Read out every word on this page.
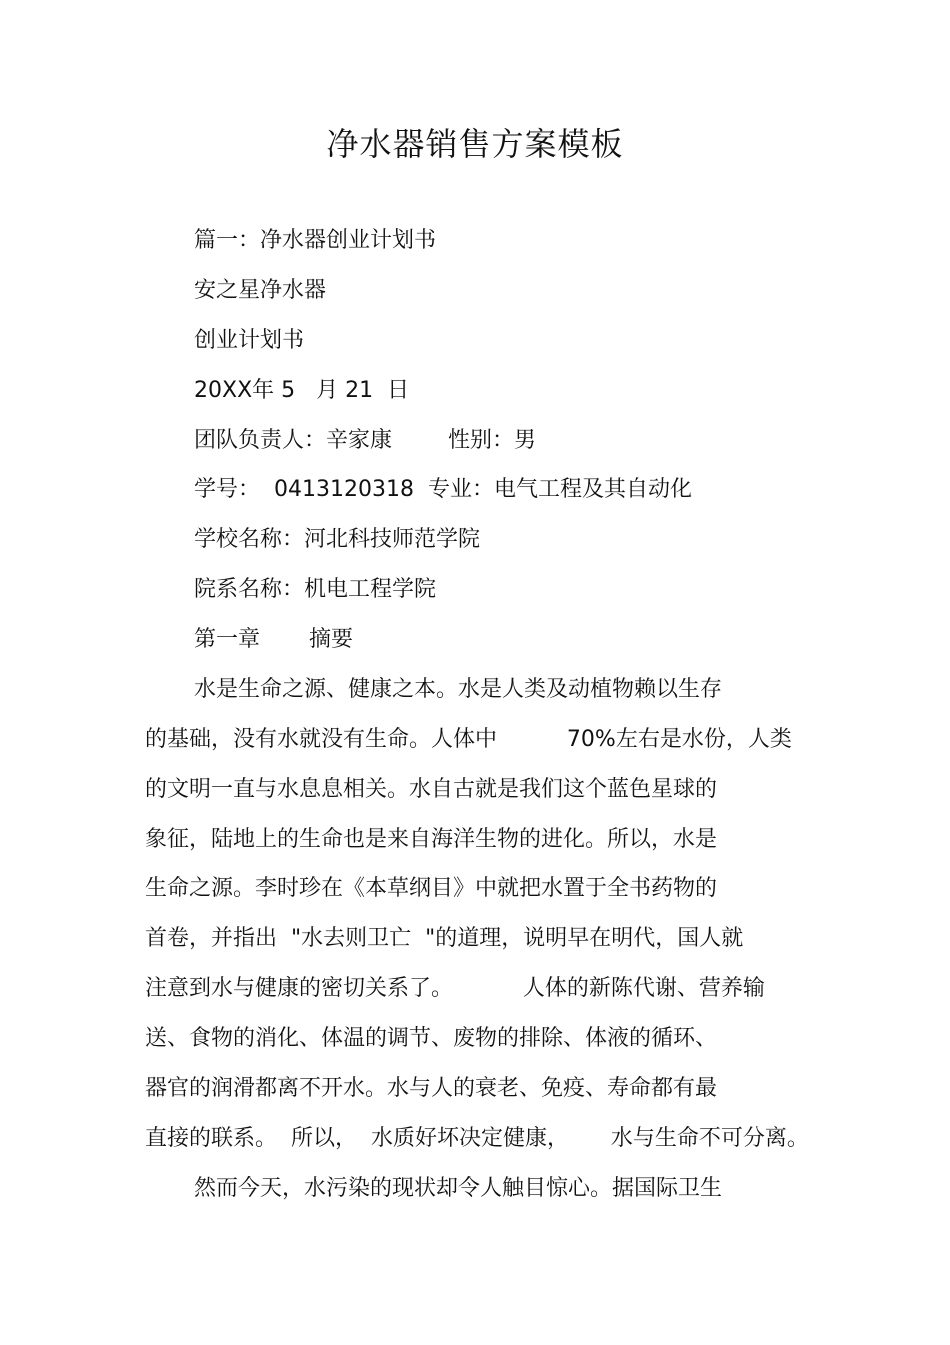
净水器销售方案模板
篇一：净水器创业计划书
安之星净水器
创业计划书
20XX年 5   月 21  日
团队负责人：辛家康        性别：男
学号：  0413120318  专业：电气工程及其自动化
学校名称：河北科技师范学院
院系名称：机电工程学院
第一章       摘要
水是生命之源、健康之本。水是人类及动植物赖以生存
的基础，没有水就没有生命。人体中          70%左右是水份，人类
的文明一直与水息息相关。水自古就是我们这个蓝色星球的
象征，陆地上的生命也是来自海洋生物的进化。所以，水是
生命之源。李时珍在《本草纲目》中就把水置于全书药物的
首卷，并指出  "水去则卫亡  "的道理，说明早在明代，国人就
注意到水与健康的密切关系了。          人体的新陈代谢、营养输
送、食物的消化、体温的调节、废物的排除、体液的循环、
器官的润滑都离不开水。水与人的衰老、免疫、寿命都有最
直接的联系。  所以，  水质好坏决定健康，      水与生命不可分离。
然而今天，水污染的现状却令人触目惊心。据国际卫生
